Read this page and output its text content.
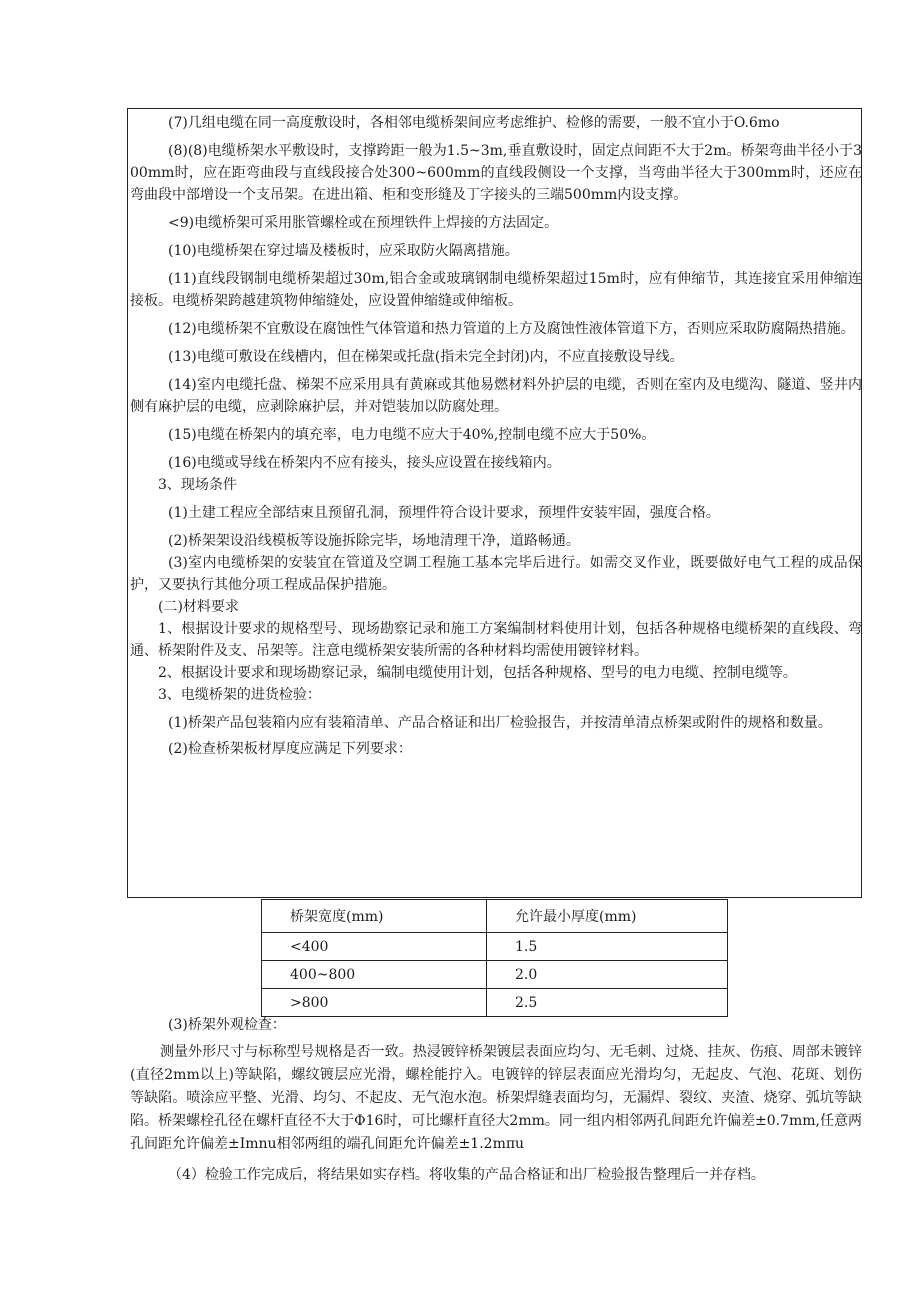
(7)几组电缆在同一高度敷设时，各相邻电缆桥架间应考虑维护、检修的需要，一般不宜小于O.6mo

(8)(8)电缆桥架水平敷设时，支撑跨距一般为1.5~3m,垂直敷设时，固定点间距不大于2m。桥架弯曲半径小于300mm时，应在距弯曲段与直线段接合处300~600mm的直线段侧设一个支撑，当弯曲半径大于300mm时，还应在弯曲段中部增设一个支吊架。在进出箱、柜和变形缝及丁字接头的三端500mm内设支撑。

<9)电缆桥架可采用胀管螺栓或在预埋铁件上焊接的方法固定。

(10)电缆桥架在穿过墙及楼板时，应采取防火隔离措施。

(11)直线段钢制电缆桥架超过30m,铝合金或玻璃钢制电缆桥架超过15m时，应有伸缩节，其连接宜采用伸缩连接板。电缆桥架跨越建筑物伸缩缝处，应设置伸缩缝或伸缩板。

(12)电缆桥架不宜敷设在腐蚀性气体管道和热力管道的上方及腐蚀性液体管道下方，否则应采取防腐隔热措施。

(13)电缆可敷设在线槽内，但在梯架或托盘(指未完全封闭)内，不应直接敷设导线。

(14)室内电缆托盘、梯架不应采用具有黄麻或其他易燃材料外护层的电缆，否则在室内及电缆沟、隧道、竖井内侧有麻护层的电缆，应剥除麻护层，并对铠装加以防腐处理。

(15)电缆在桥架内的填充率，电力电缆不应大于40%,控制电缆不应大于50%。

(16)电缆或导线在桥架内不应有接头，接头应设置在接线箱内。

3、现场条件

(1)土建工程应全部结束且预留孔洞，预埋件符合设计要求，预埋件安装牢固，强度合格。

(2)桥架架设沿线模板等设施拆除完毕，场地清理干净，道路畅通。

(3)室内电缆桥架的安装宜在管道及空调工程施工基本完毕后进行。如需交叉作业，既要做好电气工程的成品保护，又要执行其他分项工程成品保护措施。

(二)材料要求

1、根据设计要求的规格型号、现场勘察记录和施工方案编制材料使用计划，包括各种规格电缆桥架的直线段、弯通、桥架附件及支、吊架等。注意电缆桥架安装所需的各种材料均需使用镀锌材料。

2、根据设计要求和现场勘察记录，编制电缆使用计划，包括各种规格、型号的电力电缆、控制电缆等。

3、电缆桥架的进货检验：

(1)桥架产品包装箱内应有装箱清单、产品合格证和出厂检验报告，并按清单清点桥架或附件的规格和数量。

(2)检查桥架板材厚度应满足下列要求：

桥架宽度(mm)	允许最小厚度(mm)
<400	1.5
400~800	2.0
>800	2.5

(3)桥架外观检查：

测量外形尺寸与标称型号规格是否一致。热浸镀锌桥架镀层表面应均匀、无毛刺、过烧、挂灰、伤痕、周部未镀锌(直径2mm以上)等缺陷，螺纹镀层应光滑，螺栓能拧入。电镀锌的锌层表面应光滑均匀，无起皮、气泡、花斑、划伤等缺陷。喷涂应平整、光滑、均匀、不起皮、无气泡水泡。桥架焊缝表面均匀，无漏焊、裂纹、夹渣、烧穿、弧坑等缺陷。桥架螺栓孔径在螺杆直径不大于Φ16时，可比螺杆直径大2mm。同一组内相邻两孔间距允许偏差±0.7mm,任意两孔间距允许偏差±Imnu相邻两组的端孔间距允许偏差±1.2mπu

（4）检验工作完成后，将结果如实存档。将收集的产品合格证和出厂检验报告整理后一并存档。
